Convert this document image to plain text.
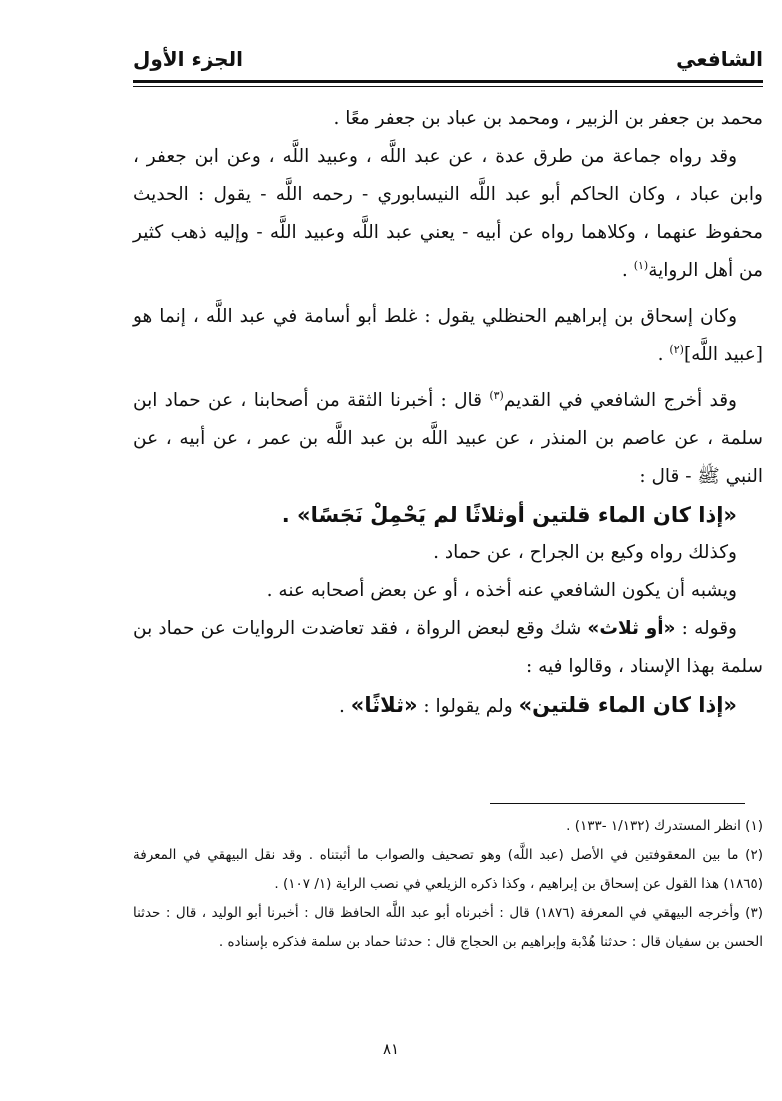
الشافعي
الجزء الأول

محمد بن جعفر بن الزبير ، ومحمد بن عباد بن جعفر معًا .

وقد رواه جماعة من طرق عدة ، عن عبد اللَّه ، وعبيد اللَّه ، وعن ابن جعفر ، وابن عباد ، وكان الحاكم أبو عبد اللَّه النيسابوري - رحمه اللَّه - يقول : الحديث محفوظ عنهما ، وكلاهما رواه عن أبيه - يعني عبد اللَّه وعبيد اللَّه - وإليه ذهب كثير من أهل الرواية$^{(١)}$ .

وكان إسحاق بن إبراهيم الحنظلي يقول : غلط أبو أسامة في عبد اللَّه ، إنما هو [عبيد اللَّه]$^{(٢)}$ .

وقد أخرج الشافعي في القديم$^{(٣)}$ قال : أخبرنا الثقة من أصحابنا ، عن حماد ابن سلمة ، عن عاصم بن المنذر ، عن عبيد اللَّه بن عبد اللَّه بن عمر ، عن أبيه ، عن النبي ﷺ - قال :

«إذا كان الماء قلتين أوثلاثًا لم يَحْمِلْ نَجَسًا» .

وكذلك رواه وكيع بن الجراح ، عن حماد .

ويشبه أن يكون الشافعي عنه أخذه ، أو عن بعض أصحابه عنه .

وقوله : «أو ثلاث» شك وقع لبعض الرواة ، فقد تعاضدت الروايات عن حماد بن سلمة بهذا الإسناد ، وقالوا فيه :

«إذا كان الماء قلتين» ولم يقولوا : «ثلاثًا» .

(١) انظر المستدرك (١/١٣٢ -١٣٣) .

(٢) ما بين المعقوفتين في الأصل (عبد اللَّه) وهو تصحيف والصواب ما أثبتناه . وقد نقل البيهقي في المعرفة (١٨٦٥) هذا القول عن إسحاق بن إبراهيم ، وكذا ذكره الزيلعي في نصب الراية (١/ ١٠٧) .

(٣) وأخرجه البيهقي في المعرفة (١٨٧٦) قال : أخبرناه أبو عبد اللَّه الحافظ قال : أخبرنا أبو الوليد ، قال : حدثنا الحسن بن سفيان قال : حدثنا هُدْبة وإبراهيم بن الحجاج قال : حدثنا حماد بن سلمة فذكره بإسناده .

٨١
